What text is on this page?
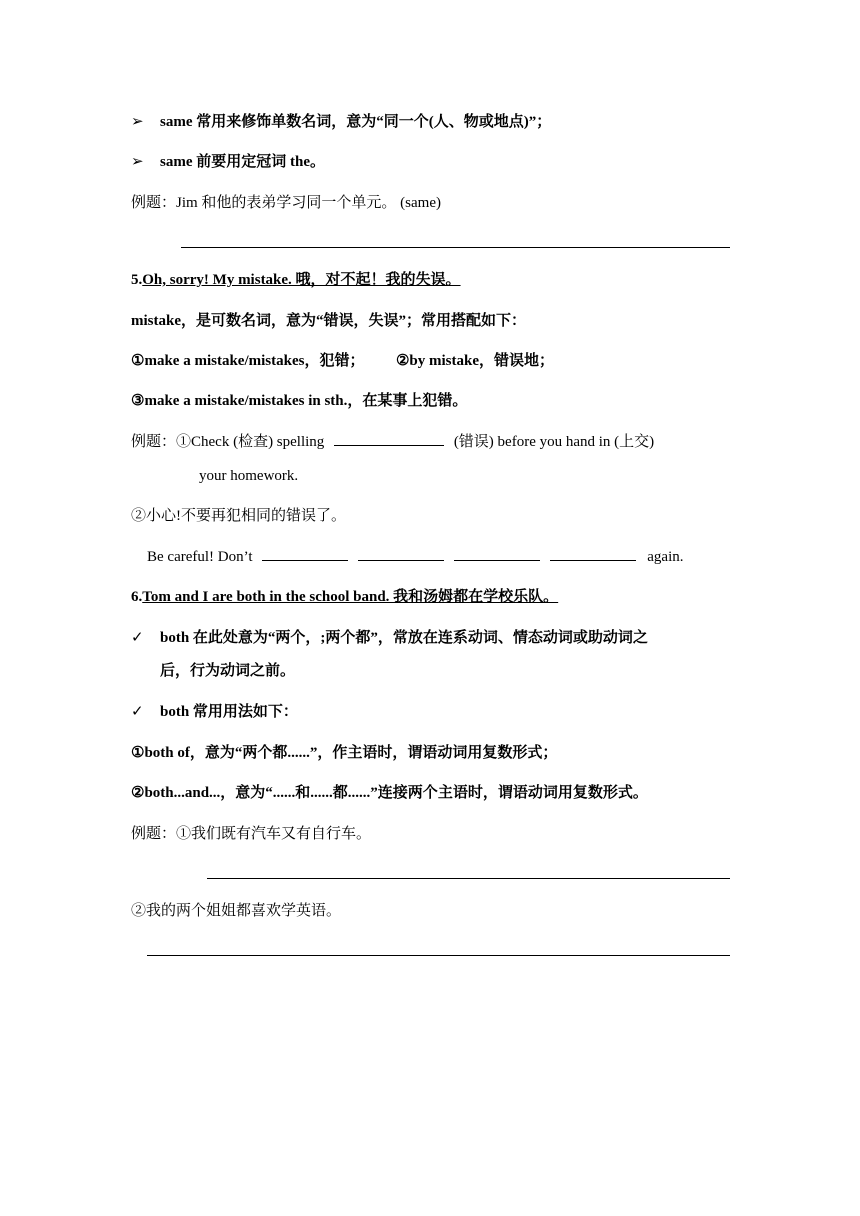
➢ same 常用来修饰单数名词，意为“同一个(人、物或地点)”；
➢ same 前要用定冠词 the。
例题：Jim 和他的表弟学习同一个单元。 (same)
5.Oh, sorry! My mistake. 哦，对不起！我的失误。
mistake，是可数名词，意为“错误，失误”；常用搭配如下：
①make a mistake/mistakes，犯错； ②by mistake，错误地；
③make a mistake/mistakes in sth.，在某事上犯错。
例题：①Check (检查) spelling	(错误) before you hand in (上交)
your homework.
②小心!不要再犯相同的错误了。
Be careful! Don’t	again.
6.Tom and I are both in the school band. 我和汤姆都在学校乐队。
✓ both 在此处意为“两个，;两个都”，常放在连系动词、情态动词或助动词之
后，行为动词之前。
✓ both 常用用法如下：
①both of，意为“两个都......”，作主语时，谓语动词用复数形式；
②both...and...，意为“......和......都......”连接两个主语时，谓语动词用复数形式。
例题：①我们既有汽车又有自行车。
②我的两个姐姐都喜欢学英语。
